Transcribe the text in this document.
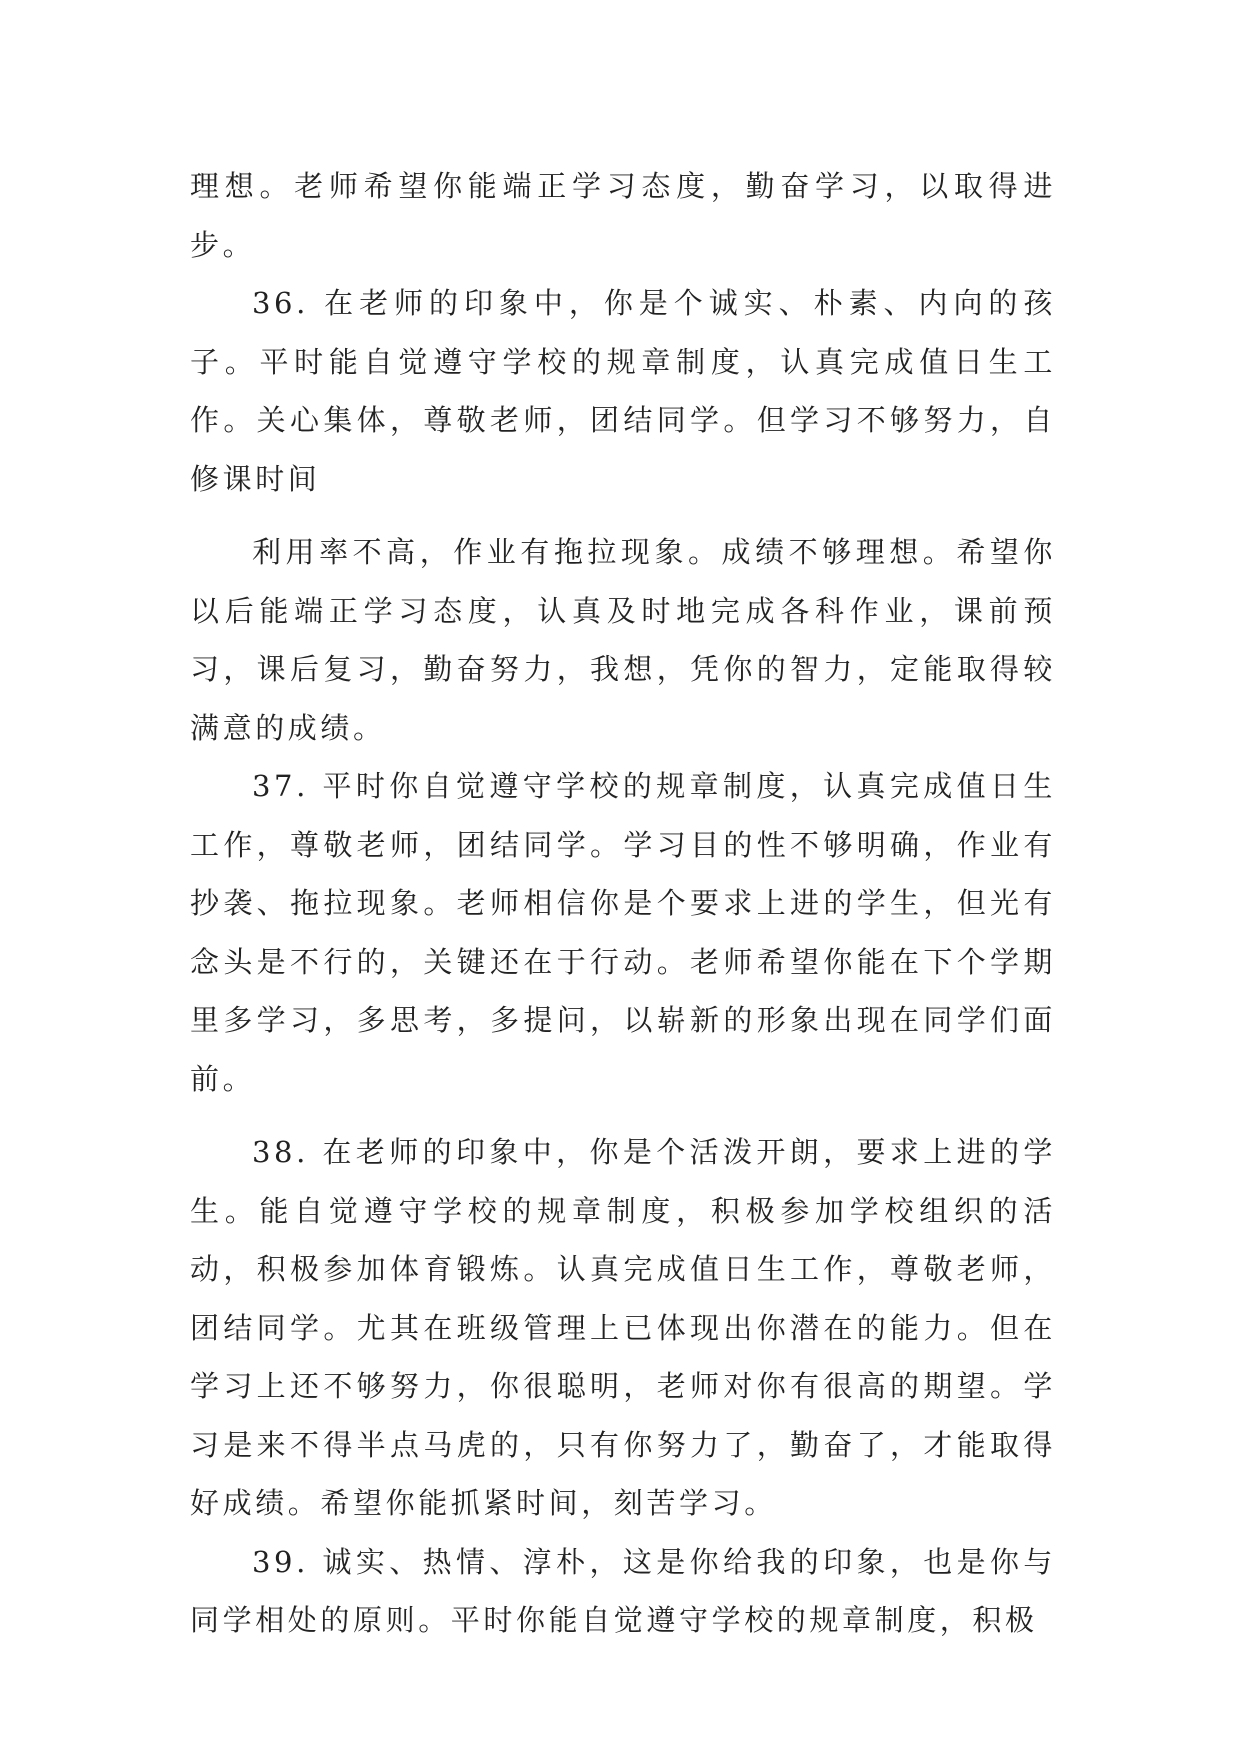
理想。老师希望你能端正学习态度，勤奋学习，以取得进步。

36. 在老师的印象中，你是个诚实、朴素、内向的孩子。平时能自觉遵守学校的规章制度，认真完成值日生工作。关心集体，尊敬老师，团结同学。但学习不够努力，自修课时间

利用率不高，作业有拖拉现象。成绩不够理想。希望你以后能端正学习态度，认真及时地完成各科作业，课前预习，课后复习，勤奋努力，我想，凭你的智力，定能取得较满意的成绩。

37. 平时你自觉遵守学校的规章制度，认真完成值日生工作，尊敬老师，团结同学。学习目的性不够明确，作业有抄袭、拖拉现象。老师相信你是个要求上进的学生，但光有念头是不行的，关键还在于行动。老师希望你能在下个学期里多学习，多思考，多提问，以崭新的形象出现在同学们面前。

38. 在老师的印象中，你是个活泼开朗，要求上进的学生。能自觉遵守学校的规章制度，积极参加学校组织的活动，积极参加体育锻炼。认真完成值日生工作，尊敬老师，团结同学。尤其在班级管理上已体现出你潜在的能力。但在学习上还不够努力，你很聪明，老师对你有很高的期望。学习是来不得半点马虎的，只有你努力了，勤奋了，才能取得好成绩。希望你能抓紧时间，刻苦学习。

39. 诚实、热情、淳朴，这是你给我的印象，也是你与同学相处的原则。平时你能自觉遵守学校的规章制度，积极
